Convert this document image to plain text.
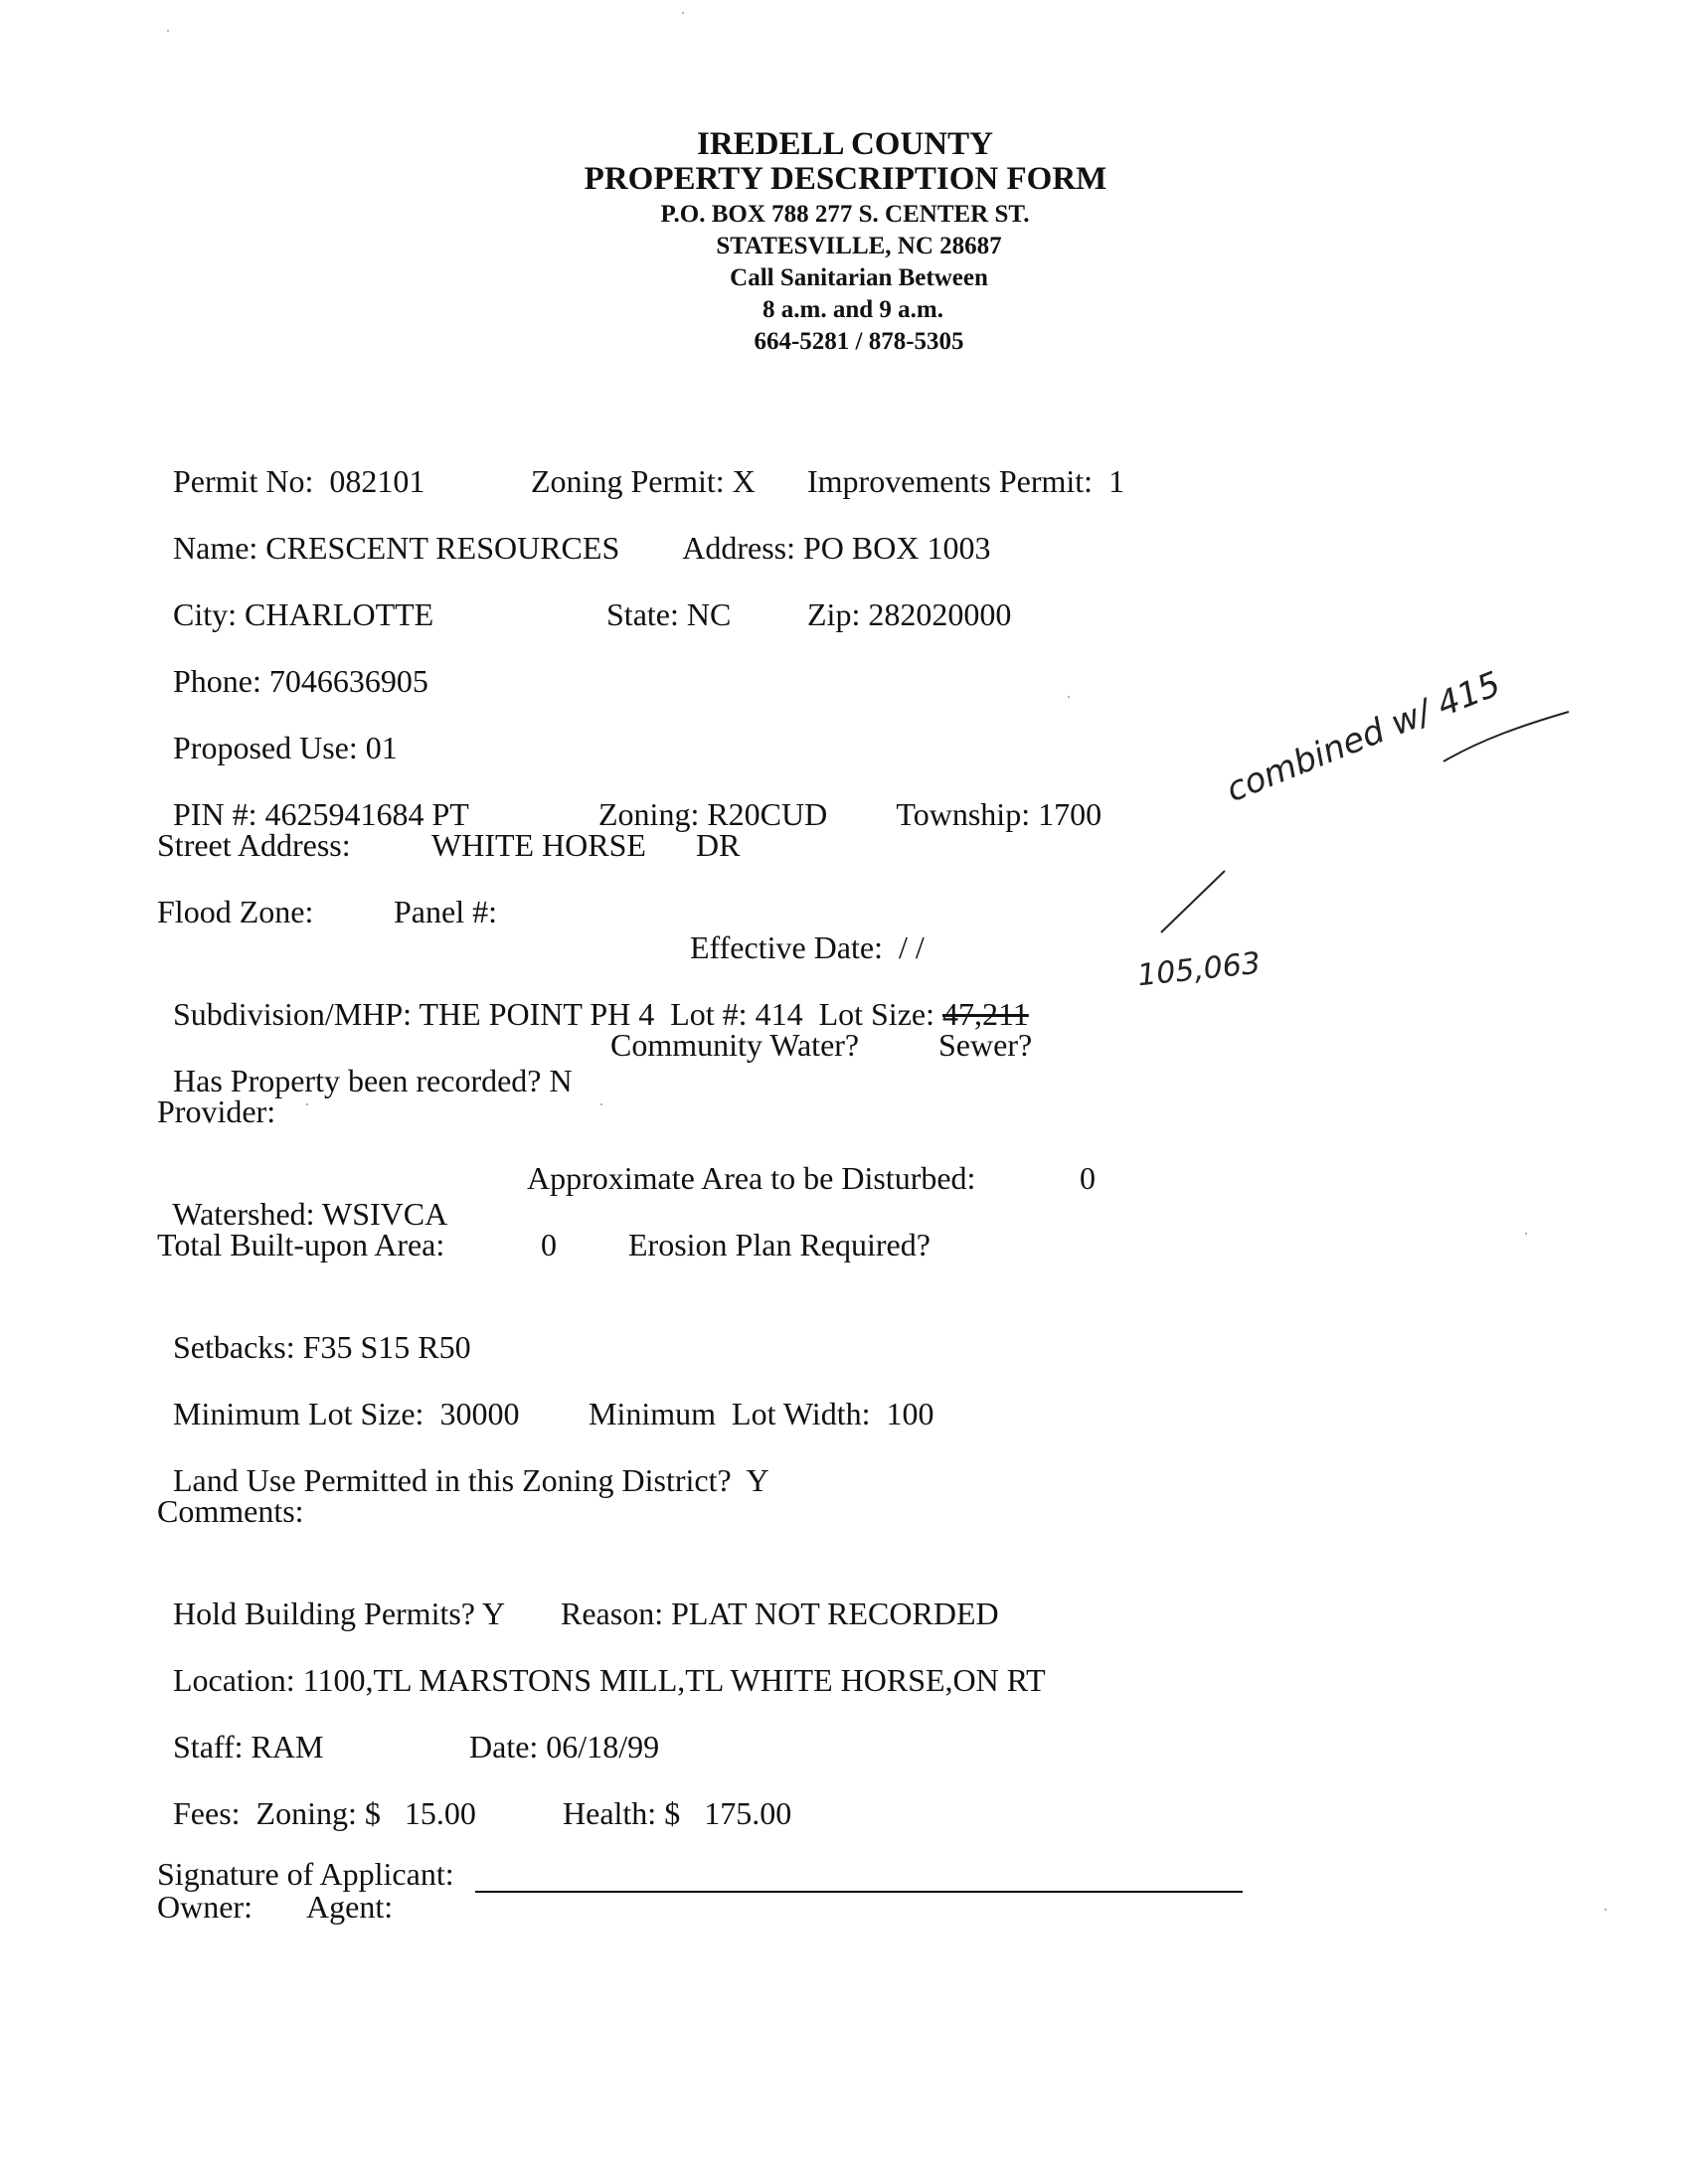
IREDELL COUNTY
PROPERTY DESCRIPTION FORM
P.O. BOX 788 277 S. CENTER ST.
STATESVILLE, NC 28687
Call Sanitarian Between
8 a.m. and 9 a.m.
664-5281 / 878-5305

Permit No: 082101	Zoning Permit: X	Improvements Permit: 1

Name: CRESCENT RESOURCES	Address: PO BOX 1003

City: CHARLOTTE	State: NC	Zip: 282020000

Phone: 7046636905

Proposed Use: 01

PIN #: 4625941684 PT	Zoning: R20CUD	Township: 1700

Street Address:	WHITE HORSE DR
Flood Zone:	Panel #:

Effective Date: / /

Subdivision/MHP: THE POINT PH 4 Lot #: 414 Lot Size: 47,211

Has Property been recorded? N

Community Water? Sewer?
Provider:

Watershed: WSIVCA

Approximate Area to be Disturbed:	0
Total Built-upon Area:	0 Erosion Plan Required?

Setbacks: F35 S15 R50

Minimum Lot Size: 30000	Minimum  Lot Width: 100

Land Use Permitted in this Zoning District? Y

Comments:

Hold Building Permits? Y	Reason: PLAT NOT RECORDED

Location: 1100,TL MARSTONS MILL,TL WHITE HORSE,ON RT

Staff: RAM	Date: 06/18/99

Fees: Zoning: $ 15.00	Health: $ 175.00

Signature of Applicant:
Owner: Agent:
combined w/ 415
105,063
